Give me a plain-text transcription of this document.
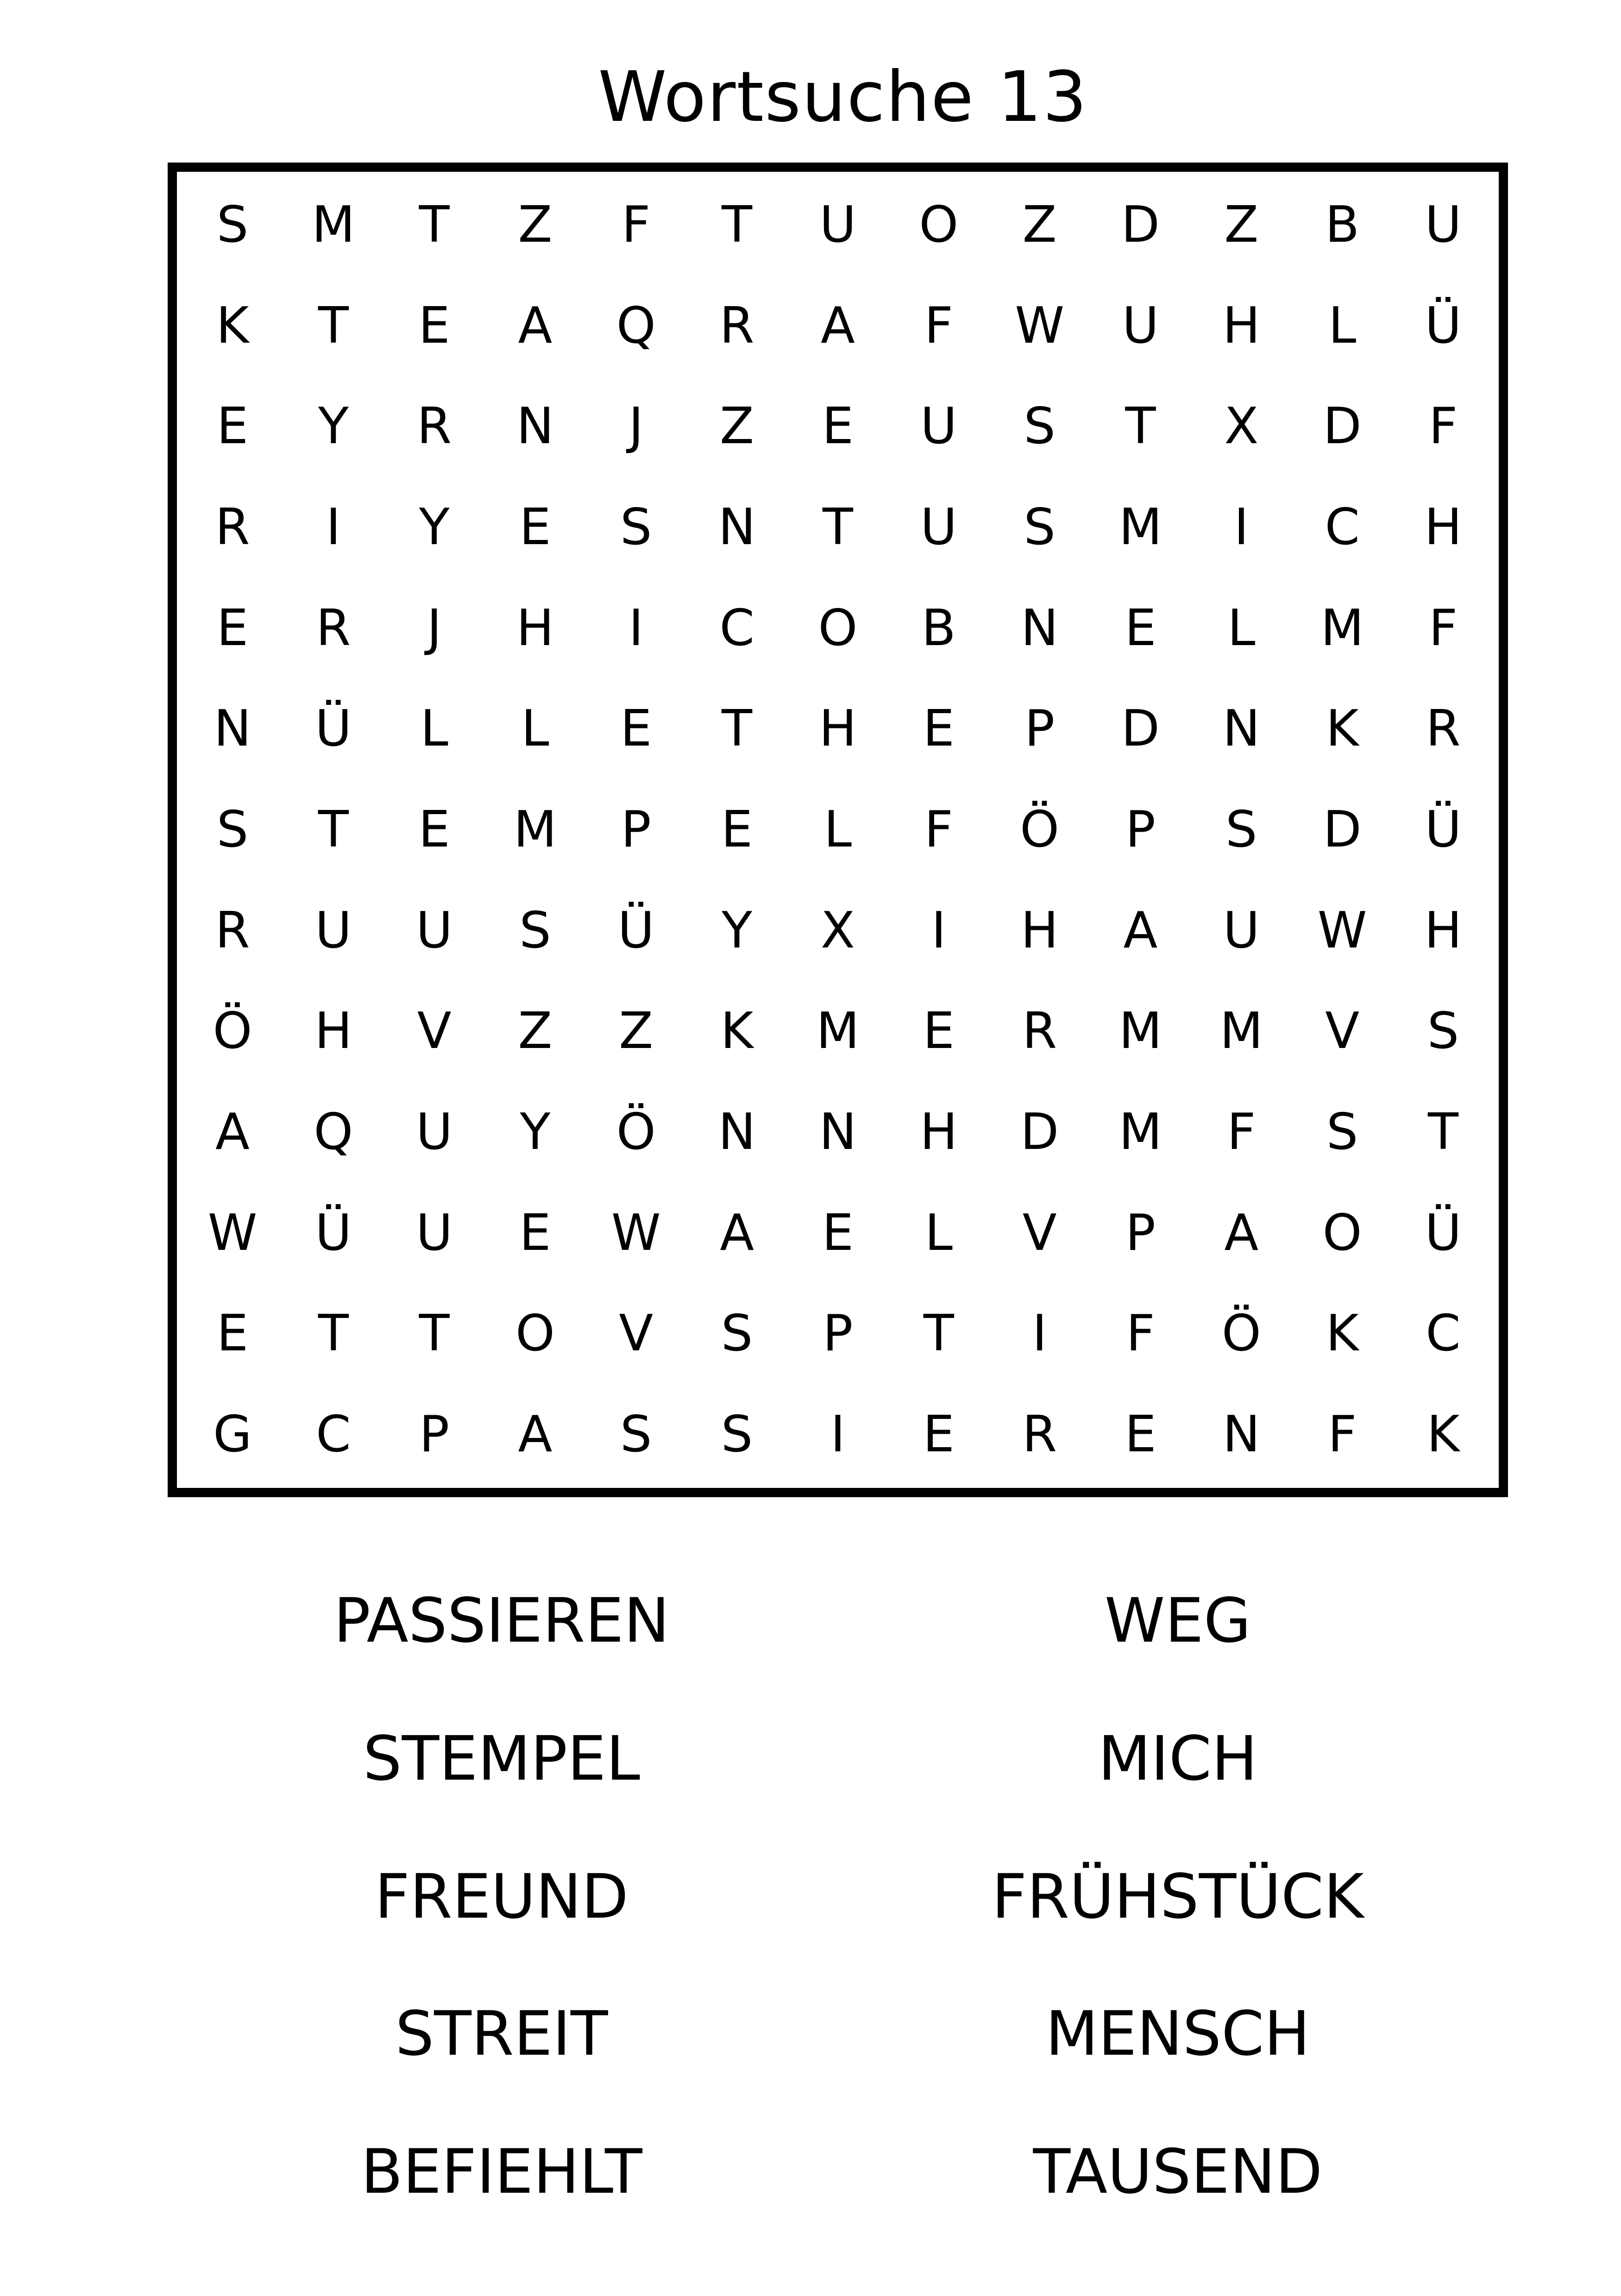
Wortsuche 13
S	M	T	Z	F	T	U	O	Z	D	Z	B	U
K	T	E	A	Q	R	A	F	W	U	H	L	Ü
E	Y	R	N	J	Z	E	U	S	T	X	D	F
R	I	Y	E	S	N	T	U	S	M	I	C	H
E	R	J	H	I	C	O	B	N	E	L	M	F
N	Ü	L	L	E	T	H	E	P	D	N	K	R
S	T	E	M	P	E	L	F	Ö	P	S	D	Ü
R	U	U	S	Ü	Y	X	I	H	A	U	W	H
Ö	H	V	Z	Z	K	M	E	R	M	M	V	S
A	Q	U	Y	Ö	N	N	H	D	M	F	S	T
W	Ü	U	E	W	A	E	L	V	P	A	O	Ü
E	T	T	O	V	S	P	T	I	F	Ö	K	C
G	C	P	A	S	S	I	E	R	E	N	F	K
PASSIEREN
STEMPEL
FREUND
STREIT
BEFIEHLT
WEG
MICH
FRÜHSTÜCK
MENSCH
TAUSEND
